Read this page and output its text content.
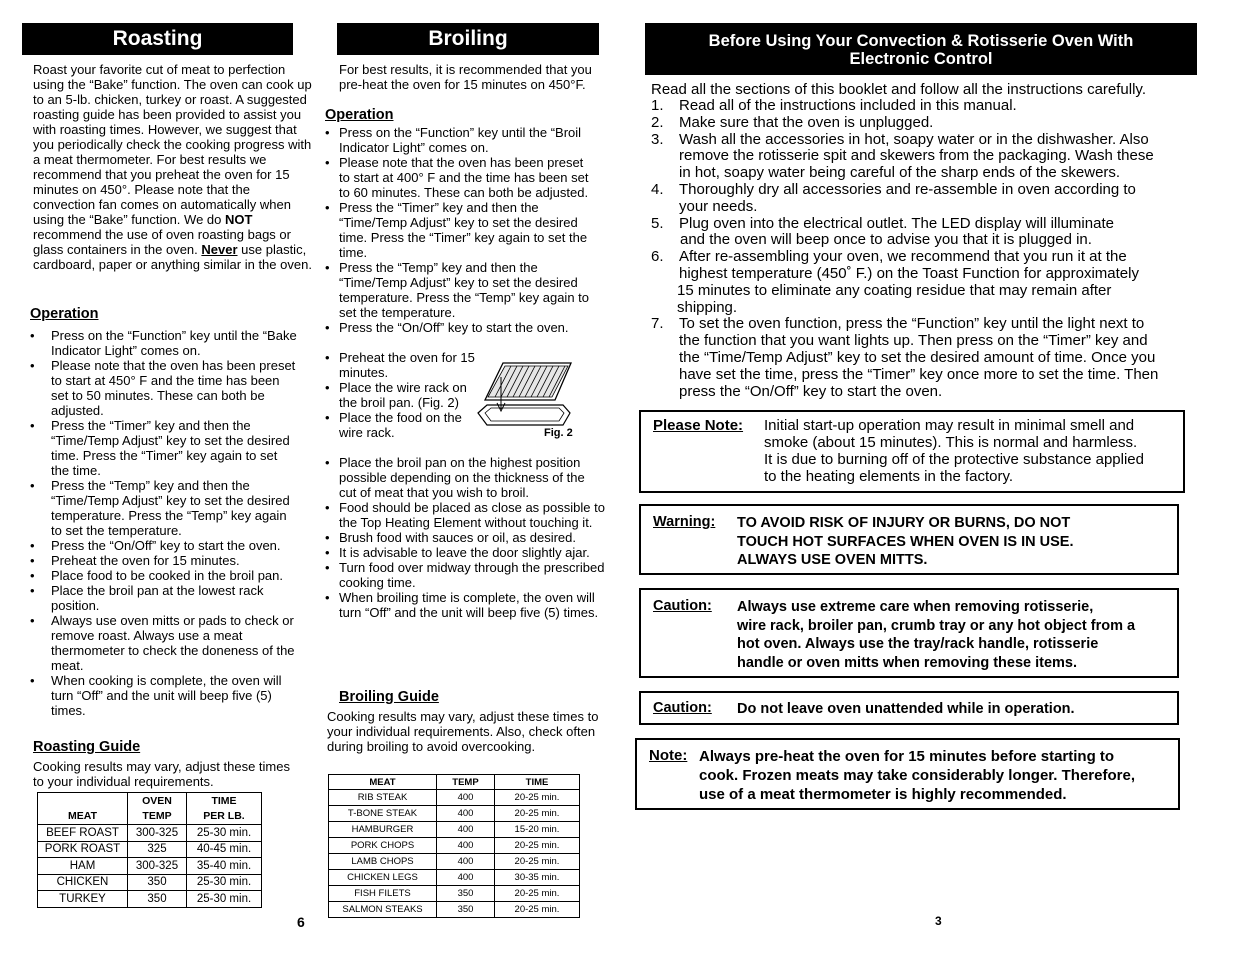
Roasting

Roast your favorite cut of meat to perfection using the “Bake” function. The oven can cook up to an 5-lb. chicken, turkey or roast. A suggested roasting guide has been provided to assist you with roasting times. However, we suggest that you periodically check the cooking progress with a meat thermometer. For best results we recommend that you preheat the oven for 15 minutes on 450°. Please note that the convection fan comes on automatically when using the “Bake” function. We do NOT recommend the use of oven roasting bags or glass containers in the oven. Never use plastic, cardboard, paper or anything similar in the oven.

Operation
• Press on the “Function” key until the “Bake Indicator Light” comes on.
• Please note that the oven has been preset to start at 450° F and the time has been set to 50 minutes. These can both be adjusted.
• Press the “Timer” key and then the “Time/Temp Adjust” key to set the desired time. Press the “Timer” key again to set the time.
• Press the “Temp” key and then the “Time/Temp Adjust” key to set the desired temperature. Press the “Temp” key again to set the temperature.
• Press the “On/Off” key to start the oven.
• Preheat the oven for 15 minutes.
• Place food to be cooked in the broil pan.
• Place the broil pan at the lowest rack position.
• Always use oven mitts or pads to check or remove roast. Always use a meat thermometer to check the doneness of the meat.
• When cooking is complete, the oven will turn “Off” and the unit will beep five (5) times.
Roasting Guide

Cooking results may vary, adjust these times to your individual requirements.

	OVEN	TIME
MEAT	TEMP	PER LB.
BEEF ROAST	300-325	25-30 min.
PORK ROAST	325	40-45 min.
HAM	300-325	35-40 min.
CHICKEN	350	25-30 min.
TURKEY	350	25-30 min.
6
Broiling

For best results, it is recommended that you pre-heat the oven for 15 minutes on 450°F.

Operation
• Press on the “Function” key until the “Broil Indicator Light” comes on.
• Please note that the oven has been preset to start at 400° F and the time has been set to 60 minutes. These can both be adjusted.
• Press the “Timer” key and then the “Time/Temp Adjust” key to set the desired time. Press the “Timer” key again to set the time.
• Press the “Temp” key and then the “Time/Temp Adjust” key to set the desired temperature. Press the “Temp” key again to set the temperature.
• Press the “On/Off” key to start the oven.
• Preheat the oven for 15 minutes.
• Place the wire rack on the broil pan. (Fig. 2)
• Place the food on the wire rack.	Fig. 2
• Place the broil pan on the highest position possible depending on the thickness of the cut of meat that you wish to broil.
• Food should be placed as close as possible to the Top Heating Element without touching it.
• Brush food with sauces or oil, as desired.
• It is advisable to leave the door slightly ajar.
• Turn food over midway through the prescribed cooking time.
• When broiling time is complete, the oven will turn “Off” and the unit will beep five (5) times.
Broiling Guide

Cooking results may vary, adjust these times to your individual requirements. Also, check often during broiling to avoid overcooking.

MEAT	TEMP	TIME
RIB STEAK	400	20-25 min.
T-BONE STEAK	400	20-25 min.
HAMBURGER	400	15-20 min.
PORK CHOPS	400	20-25 min.
LAMB CHOPS	400	20-25 min.
CHICKEN LEGS	400	30-35 min.
FISH FILETS	350	20-25 min.
SALMON STEAKS	350	20-25 min.
Before Using Your Convection & Rotisserie Oven With
Electronic Control

Read all the sections of this booklet and follow all the instructions carefully.

1.	Read all of the instructions included in this manual.
2.	Make sure that the oven is unplugged.
3.	Wash all the accessories in hot, soapy water or in the dishwasher. Also
remove the rotisserie spit and skewers from the packaging. Wash these
in hot, soapy water being careful of the sharp ends of the skewers.
4.	Thoroughly dry all accessories and re-assemble in oven according to
your needs.
5.	Plug oven into the electrical outlet. The LED display will illuminate
and the oven will beep once to advise you that it is plugged in.
6.	After re-assembling your oven, we recommend that you run it at the
highest temperature (450˚ F.) on the Toast Function for approximately
15 minutes to eliminate any coating residue that may remain after
shipping.
7.	To set the oven function, press the “Function” key until the light next to
the function that you want lights up. Then press on the “Timer” key and
the “Time/Temp Adjust” key to set the desired amount of time. Once you
have set the time, press the “Timer” key once more to set the time. Then
press the “On/Off” key to start the oven.
Please Note: Initial start-up operation may result in minimal smell and
smoke (about 15 minutes). This is normal and harmless.
It is due to burning off of the protective substance applied
to the heating elements in the factory.
Warning: TO AVOID RISK OF INJURY OR BURNS, DO NOT
TOUCH HOT SURFACES WHEN OVEN IS IN USE.
ALWAYS USE OVEN MITTS.
Caution: Always use extreme care when removing rotisserie,
wire rack, broiler pan, crumb tray or any hot object from a
hot oven. Always use the tray/rack handle, rotisserie
handle or oven mitts when removing these items.
Caution: Do not leave oven unattended while in operation.
Note: Always pre-heat the oven for 15 minutes before starting to
cook. Frozen meats may take considerably longer. Therefore,
use of a meat thermometer is highly recommended.
3
